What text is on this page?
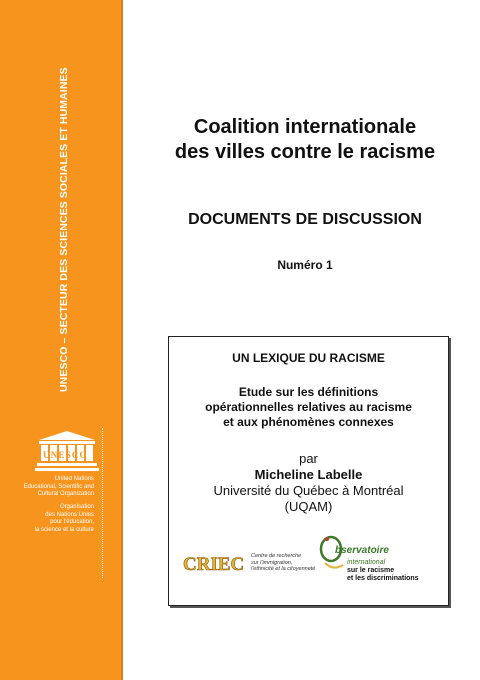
UNESCO – SECTEUR DES SCIENCES SOCIALES ET HUMAINES
UNESCO
United Nations
Educational, Scientific and
Cultural Organization
Organisation
des Nations Unies
pour l'éducation,
la science et la culture
Coalition internationale
des villes contre le racisme
DOCUMENTS DE DISCUSSION
Numéro 1
UN LEXIQUE DU RACISME
Etude sur les définitions
opérationnelles relatives au racisme
et aux phénomènes connexes
par
Micheline Labelle
Université du Québec à Montréal
(UQAM)
CRIEC Centre de recherche
sur l'immigration,
l'ethnicité et la citoyenneté
bservatoire
international
sur le racisme
et les discriminations
